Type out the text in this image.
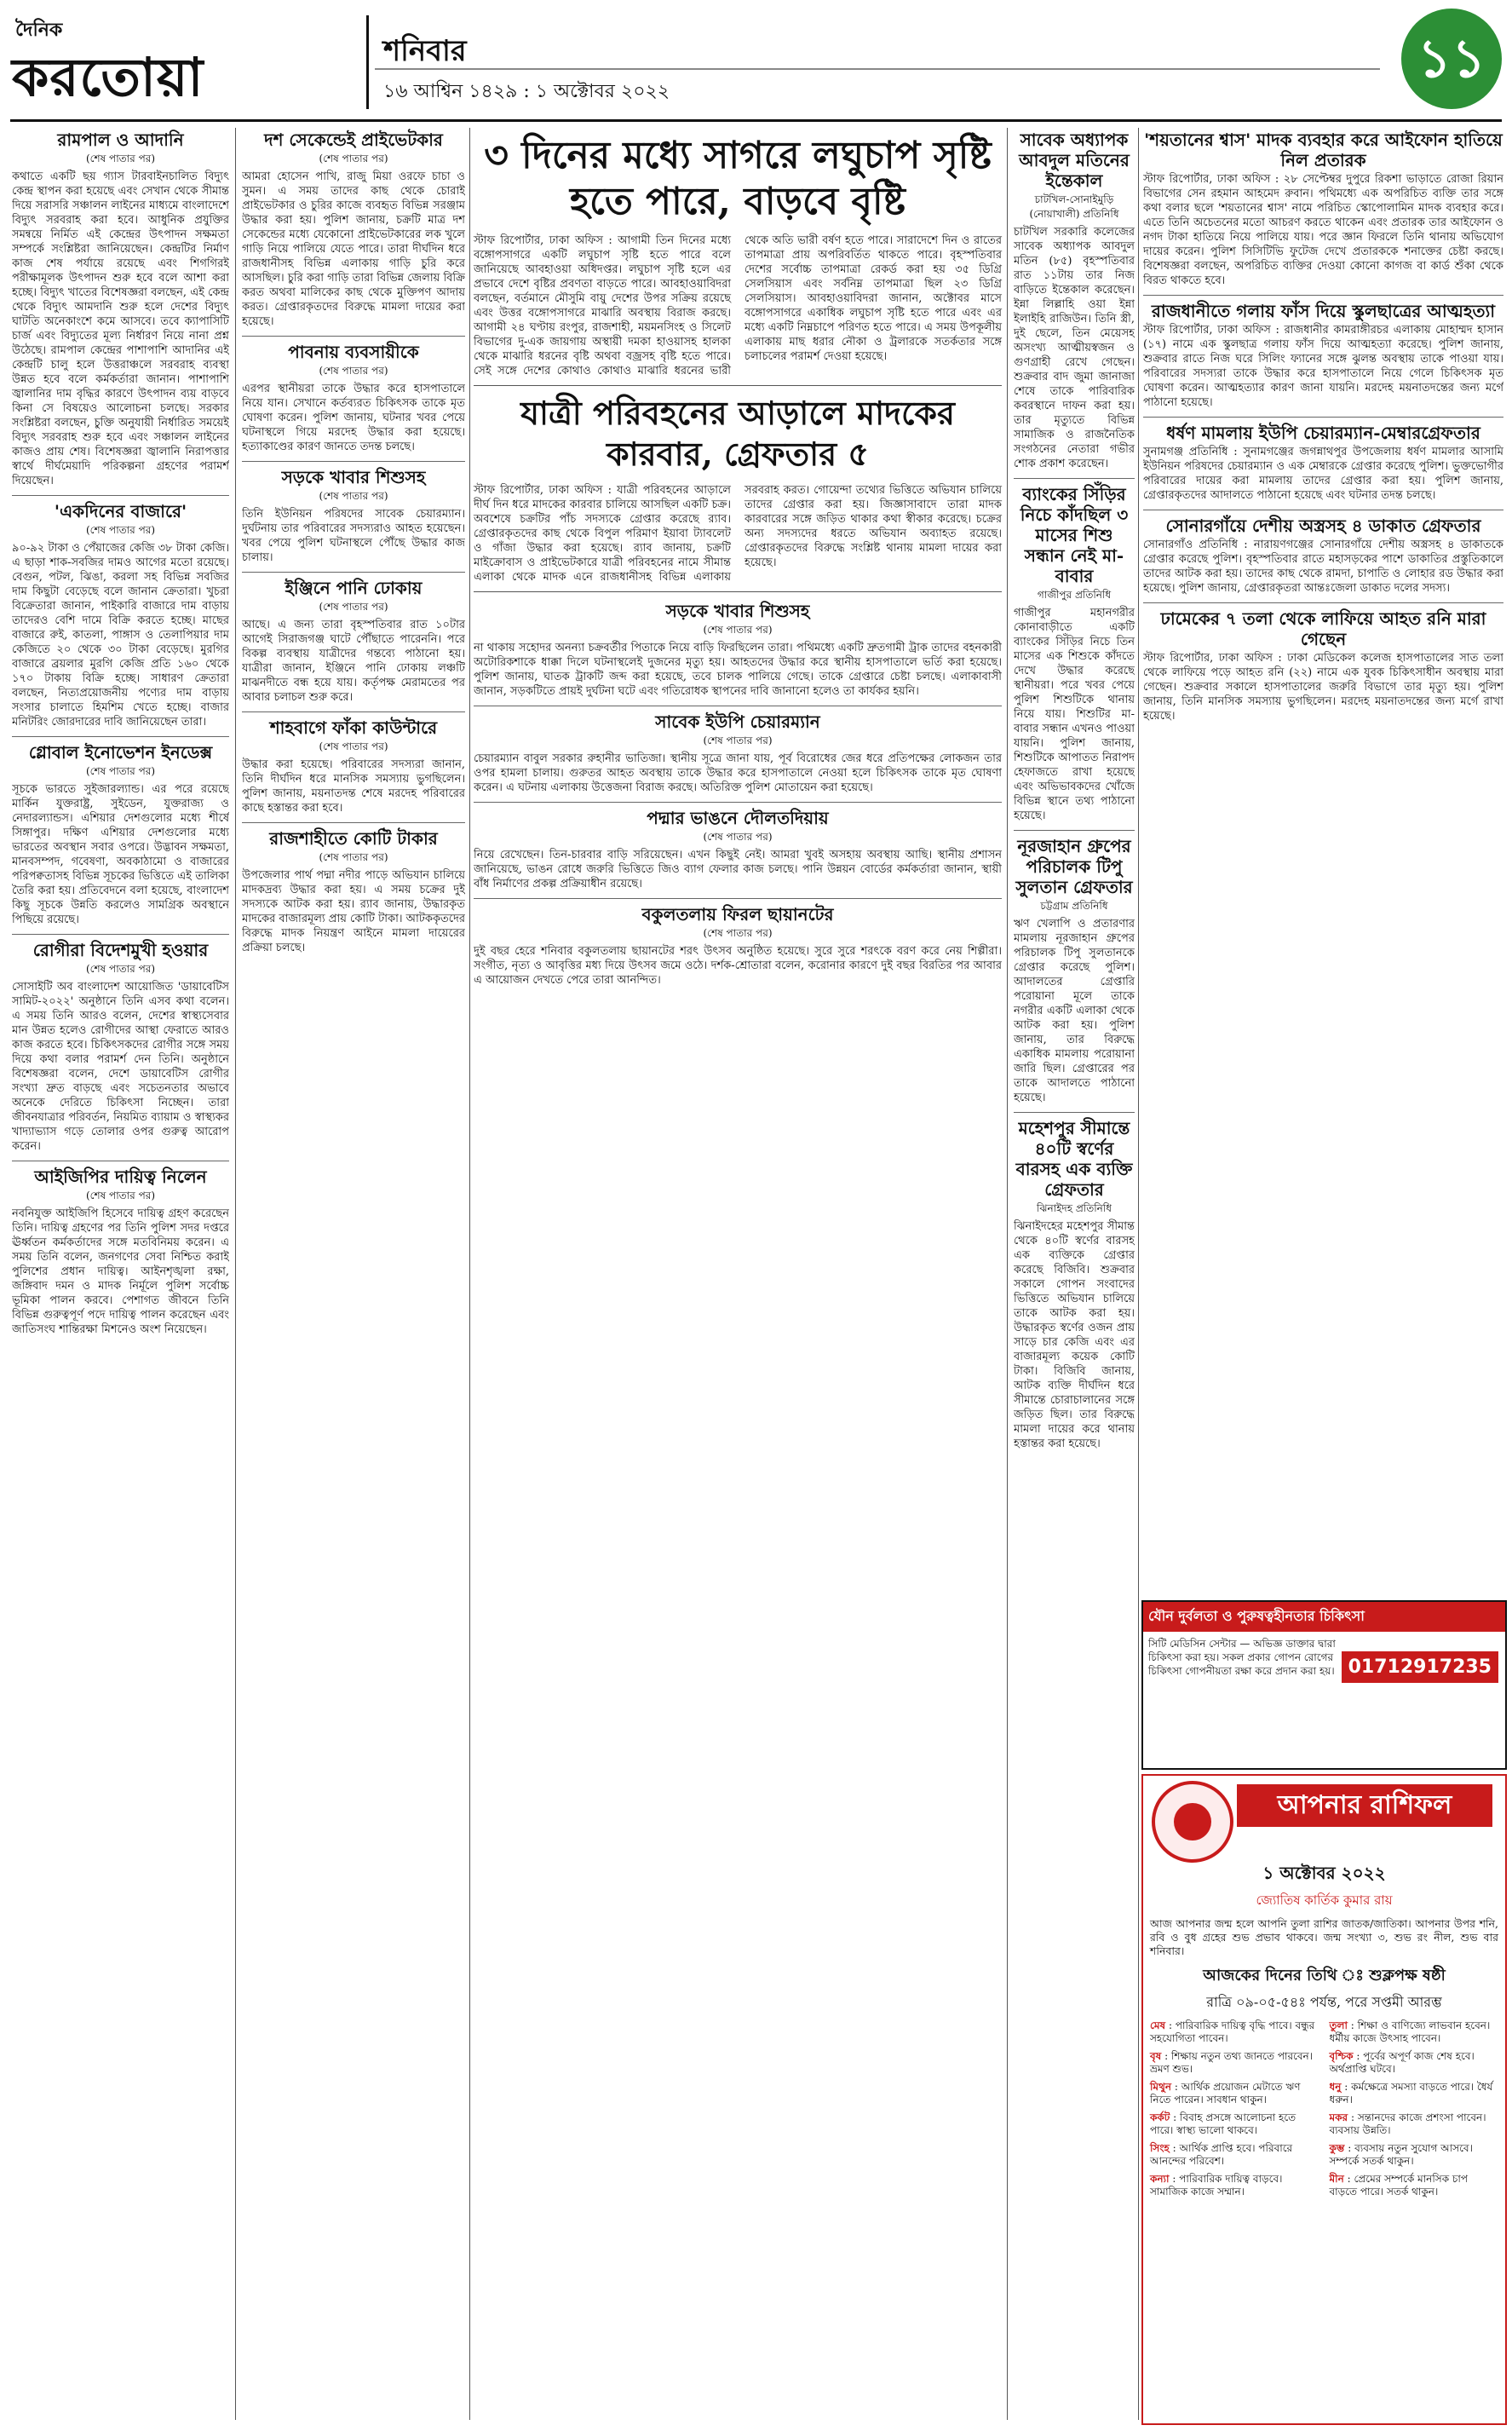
দৈনিক
করতোয়া	শনিবার
১৬ আশ্বিন ১৪২৯ : ১ অক্টোবর ২০২২
১১
রামপাল ও আদানি
(শেষ পাতার পর)

কথাতে একটি ছয় গ্যাস টারবাইনচালিত বিদ্যুৎ কেন্দ্র স্থাপন করা হয়েছে এবং সেখান থেকে সীমান্ত দিয়ে সরাসরি সঞ্চালন লাইনের মাধ্যমে বাংলাদেশে বিদ্যুৎ সরবরাহ করা হবে। আধুনিক প্রযুক্তির সমন্বয়ে নির্মিত এই কেন্দ্রের উৎপাদন সক্ষমতা সম্পর্কে সংশ্লিষ্টরা জানিয়েছেন। কেন্দ্রটির নির্মাণ কাজ শেষ পর্যায়ে রয়েছে এবং শিগগিরই পরীক্ষামূলক উৎপাদন শুরু হবে বলে আশা করা হচ্ছে। বিদ্যুৎ খাতের বিশেষজ্ঞরা বলছেন, এই কেন্দ্র থেকে বিদ্যুৎ আমদানি শুরু হলে দেশের বিদ্যুৎ ঘাটতি অনেকাংশে কমে আসবে। তবে ক্যাপাসিটি চার্জ এবং বিদ্যুতের মূল্য নির্ধারণ নিয়ে নানা প্রশ্ন উঠেছে। রামপাল কেন্দ্রের পাশাপাশি আদানির এই কেন্দ্রটি চালু হলে উত্তরাঞ্চলে সরবরাহ ব্যবস্থা উন্নত হবে বলে কর্মকর্তারা জানান। পাশাপাশি জ্বালানির দাম বৃদ্ধির কারণে উৎপাদন ব্যয় বাড়বে কিনা সে বিষয়েও আলোচনা চলছে। সরকার সংশ্লিষ্টরা বলছেন, চুক্তি অনুযায়ী নির্ধারিত সময়েই বিদ্যুৎ সরবরাহ শুরু হবে এবং সঞ্চালন লাইনের কাজও প্রায় শেষ। বিশেষজ্ঞরা জ্বালানি নিরাপত্তার স্বার্থে দীর্ঘমেয়াদি পরিকল্পনা গ্রহণের পরামর্শ দিয়েছেন।

'একদিনের বাজারে'
(শেষ পাতার পর)

৯০-৯২ টাকা ও পেঁয়াজের কেজি ৩৮ টাকা কেজি। এ ছাড়া শাক-সবজির দামও আগের মতো রয়েছে। বেগুন, পটল, ঝিঙা, করলা সহ বিভিন্ন সবজির দাম কিছুটা বেড়েছে বলে জানান ক্রেতারা। খুচরা বিক্রেতারা জানান, পাইকারি বাজারে দাম বাড়ায় তাদেরও বেশি দামে বিক্রি করতে হচ্ছে। মাছের বাজারে রুই, কাতলা, পাঙ্গাস ও তেলাপিয়ার দাম কেজিতে ২০ থেকে ৩০ টাকা বেড়েছে। মুরগির বাজারে ব্রয়লার মুরগি কেজি প্রতি ১৬০ থেকে ১৭০ টাকায় বিক্রি হচ্ছে। সাধারণ ক্রেতারা বলছেন, নিত্যপ্রয়োজনীয় পণ্যের দাম বাড়ায় সংসার চালাতে হিমশিম খেতে হচ্ছে। বাজার মনিটরিং জোরদারের দাবি জানিয়েছেন তারা।

গ্লোবাল ইনোভেশন ইনডেক্স
(শেষ পাতার পর)

সূচকে ভারতে সুইজারল্যান্ড। এর পরে রয়েছে মার্কিন যুক্তরাষ্ট্র, সুইডেন, যুক্তরাজ্য ও নেদারল্যান্ডস। এশিয়ার দেশগুলোর মধ্যে শীর্ষে সিঙ্গাপুর। দক্ষিণ এশিয়ার দেশগুলোর মধ্যে ভারতের অবস্থান সবার ওপরে। উদ্ভাবন সক্ষমতা, মানবসম্পদ, গবেষণা, অবকাঠামো ও বাজারের পরিপক্বতাসহ বিভিন্ন সূচকের ভিত্তিতে এই তালিকা তৈরি করা হয়। প্রতিবেদনে বলা হয়েছে, বাংলাদেশ কিছু সূচকে উন্নতি করলেও সামগ্রিক অবস্থানে পিছিয়ে রয়েছে।

রোগীরা বিদেশমুখী হওয়ার
(শেষ পাতার পর)

সোসাইটি অব বাংলাদেশ আয়োজিত 'ডায়াবেটিস সামিট-২০২২' অনুষ্ঠানে তিনি এসব কথা বলেন। এ সময় তিনি আরও বলেন, দেশের স্বাস্থ্যসেবার মান উন্নত হলেও রোগীদের আস্থা ফেরাতে আরও কাজ করতে হবে। চিকিৎসকদের রোগীর সঙ্গে সময় দিয়ে কথা বলার পরামর্শ দেন তিনি। অনুষ্ঠানে বিশেষজ্ঞরা বলেন, দেশে ডায়াবেটিস রোগীর সংখ্যা দ্রুত বাড়ছে এবং সচেতনতার অভাবে অনেকে দেরিতে চিকিৎসা নিচ্ছেন। তারা জীবনযাত্রার পরিবর্তন, নিয়মিত ব্যায়াম ও স্বাস্থ্যকর খাদ্যাভ্যাস গড়ে তোলার ওপর গুরুত্ব আরোপ করেন।

আইজিপির দায়িত্ব নিলেন
(শেষ পাতার পর)

নবনিযুক্ত আইজিপি হিসেবে দায়িত্ব গ্রহণ করেছেন তিনি। দায়িত্ব গ্রহণের পর তিনি পুলিশ সদর দপ্তরে ঊর্ধ্বতন কর্মকর্তাদের সঙ্গে মতবিনিময় করেন। এ সময় তিনি বলেন, জনগণের সেবা নিশ্চিত করাই পুলিশের প্রধান দায়িত্ব। আইনশৃঙ্খলা রক্ষা, জঙ্গিবাদ দমন ও মাদক নির্মূলে পুলিশ সর্বোচ্চ ভূমিকা পালন করবে। পেশাগত জীবনে তিনি বিভিন্ন গুরুত্বপূর্ণ পদে দায়িত্ব পালন করেছেন এবং জাতিসংঘ শান্তিরক্ষা মিশনেও অংশ নিয়েছেন।

দশ সেকেন্ডেই প্রাইভেটকার
(শেষ পাতার পর)

আমরা হোসেন পাখি, রাজু মিয়া ওরফে চাচা ও সুমন। এ সময় তাদের কাছ থেকে চোরাই প্রাইভেটকার ও চুরির কাজে ব্যবহৃত বিভিন্ন সরঞ্জাম উদ্ধার করা হয়। পুলিশ জানায়, চক্রটি মাত্র দশ সেকেন্ডের মধ্যে যেকোনো প্রাইভেটকারের লক খুলে গাড়ি নিয়ে পালিয়ে যেতে পারে। তারা দীর্ঘদিন ধরে রাজধানীসহ বিভিন্ন এলাকায় গাড়ি চুরি করে আসছিল। চুরি করা গাড়ি তারা বিভিন্ন জেলায় বিক্রি করত অথবা মালিকের কাছ থেকে মুক্তিপণ আদায় করত। গ্রেপ্তারকৃতদের বিরুদ্ধে মামলা দায়ের করা হয়েছে।

পাবনায় ব্যবসায়ীকে
(শেষ পাতার পর)

এরপর স্থানীয়রা তাকে উদ্ধার করে হাসপাতালে নিয়ে যান। সেখানে কর্তব্যরত চিকিৎসক তাকে মৃত ঘোষণা করেন। পুলিশ জানায়, ঘটনার খবর পেয়ে ঘটনাস্থলে গিয়ে মরদেহ উদ্ধার করা হয়েছে। হত্যাকাণ্ডের কারণ জানতে তদন্ত চলছে।

সড়কে খাবার শিশুসহ
(শেষ পাতার পর)

তিনি ইউনিয়ন পরিষদের সাবেক চেয়ারম্যান। দুর্ঘটনায় তার পরিবারের সদস্যরাও আহত হয়েছেন। খবর পেয়ে পুলিশ ঘটনাস্থলে পৌঁছে উদ্ধার কাজ চালায়।

ইঞ্জিনে পানি ঢোকায়
(শেষ পাতার পর)

আছে। এ জন্য তারা বৃহস্পতিবার রাত ১০টার আগেই সিরাজগঞ্জ ঘাটে পৌঁছাতে পারেননি। পরে বিকল্প ব্যবস্থায় যাত্রীদের গন্তব্যে পাঠানো হয়। যাত্রীরা জানান, ইঞ্জিনে পানি ঢোকায় লঞ্চটি মাঝনদীতে বন্ধ হয়ে যায়। কর্তৃপক্ষ মেরামতের পর আবার চলাচল শুরু করে।

শাহবাগে ফাঁকা কাউন্টারে
(শেষ পাতার পর)

উদ্ধার করা হয়েছে। পরিবারের সদস্যরা জানান, তিনি দীর্ঘদিন ধরে মানসিক সমস্যায় ভুগছিলেন। পুলিশ জানায়, ময়নাতদন্ত শেষে মরদেহ পরিবারের কাছে হস্তান্তর করা হবে।

রাজশাহীতে কোটি টাকার
(শেষ পাতার পর)

উপজেলার পার্থ পদ্মা নদীর পাড়ে অভিযান চালিয়ে মাদকদ্রব্য উদ্ধার করা হয়। এ সময় চক্রের দুই সদস্যকে আটক করা হয়। র‍্যাব জানায়, উদ্ধারকৃত মাদকের বাজারমূল্য প্রায় কোটি টাকা। আটককৃতদের বিরুদ্ধে মাদক নিয়ন্ত্রণ আইনে মামলা দায়েরের প্রক্রিয়া চলছে।

৩ দিনের মধ্যে সাগরে লঘুচাপ সৃষ্টি হতে পারে, বাড়বে বৃষ্টি
স্টাফ রিপোর্টার, ঢাকা অফিস : আগামী তিন দিনের মধ্যে বঙ্গোপসাগরে একটি লঘুচাপ সৃষ্টি হতে পারে বলে জানিয়েছে আবহাওয়া অধিদপ্তর। লঘুচাপ সৃষ্টি হলে এর প্রভাবে দেশে বৃষ্টির প্রবণতা বাড়তে পারে। আবহাওয়াবিদরা বলছেন, বর্তমানে মৌসুমি বায়ু দেশের উপর সক্রিয় রয়েছে এবং উত্তর বঙ্গোপসাগরে মাঝারি অবস্থায় বিরাজ করছে। আগামী ২৪ ঘণ্টায় রংপুর, রাজশাহী, ময়মনসিংহ ও সিলেট বিভাগের দু-এক জায়গায় অস্থায়ী দমকা হাওয়াসহ হালকা থেকে মাঝারি ধরনের বৃষ্টি অথবা বজ্রসহ বৃষ্টি হতে পারে। সেই সঙ্গে দেশের কোথাও কোথাও মাঝারি ধরনের ভারী থেকে অতি ভারী বর্ষণ হতে পারে। সারাদেশে দিন ও রাতের তাপমাত্রা প্রায় অপরিবর্তিত থাকতে পারে। বৃহস্পতিবার দেশের সর্বোচ্চ তাপমাত্রা রেকর্ড করা হয় ৩৫ ডিগ্রি সেলসিয়াস এবং সর্বনিম্ন তাপমাত্রা ছিল ২৩ ডিগ্রি সেলসিয়াস। আবহাওয়াবিদরা জানান, অক্টোবর মাসে বঙ্গোপসাগরে একাধিক লঘুচাপ সৃষ্টি হতে পারে এবং এর মধ্যে একটি নিম্নচাপে পরিণত হতে পারে। এ সময় উপকূলীয় এলাকায় মাছ ধরার নৌকা ও ট্রলারকে সতর্কতার সঙ্গে চলাচলের পরামর্শ দেওয়া হয়েছে।
যাত্রী পরিবহনের আড়ালে মাদকের কারবার, গ্রেফতার ৫
স্টাফ রিপোর্টার, ঢাকা অফিস : যাত্রী পরিবহনের আড়ালে দীর্ঘ দিন ধরে মাদকের কারবার চালিয়ে আসছিল একটি চক্র। অবশেষে চক্রটির পাঁচ সদস্যকে গ্রেপ্তার করেছে র‍্যাব। গ্রেপ্তারকৃতদের কাছ থেকে বিপুল পরিমাণ ইয়াবা ট্যাবলেট ও গাঁজা উদ্ধার করা হয়েছে। র‍্যাব জানায়, চক্রটি মাইক্রোবাস ও প্রাইভেটকারে যাত্রী পরিবহনের নামে সীমান্ত এলাকা থেকে মাদক এনে রাজধানীসহ বিভিন্ন এলাকায় সরবরাহ করত। গোয়েন্দা তথ্যের ভিত্তিতে অভিযান চালিয়ে তাদের গ্রেপ্তার করা হয়। জিজ্ঞাসাবাদে তারা মাদক কারবারের সঙ্গে জড়িত থাকার কথা স্বীকার করেছে। চক্রের অন্য সদস্যদের ধরতে অভিযান অব্যাহত রয়েছে। গ্রেপ্তারকৃতদের বিরুদ্ধে সংশ্লিষ্ট থানায় মামলা দায়ের করা হয়েছে।
সড়কে খাবার শিশুসহ
(শেষ পাতার পর)

না থাকায় সহোদর অনন্যা চক্রবর্তীর পিতাকে নিয়ে বাড়ি ফিরছিলেন তারা। পথিমধ্যে একটি দ্রুতগামী ট্রাক তাদের বহনকারী অটোরিকশাকে ধাক্কা দিলে ঘটনাস্থলেই দুজনের মৃত্যু হয়। আহতদের উদ্ধার করে স্থানীয় হাসপাতালে ভর্তি করা হয়েছে। পুলিশ জানায়, ঘাতক ট্রাকটি জব্দ করা হয়েছে, তবে চালক পালিয়ে গেছে। তাকে গ্রেপ্তারে চেষ্টা চলছে। এলাকাবাসী জানান, সড়কটিতে প্রায়ই দুর্ঘটনা ঘটে এবং গতিরোধক স্থাপনের দাবি জানানো হলেও তা কার্যকর হয়নি।

সাবেক ইউপি চেয়ারম্যান
(শেষ পাতার পর)

চেয়ারম্যান বাবুল সরকার রুহানীর ভাতিজা। স্থানীয় সূত্রে জানা যায়, পূর্ব বিরোধের জের ধরে প্রতিপক্ষের লোকজন তার ওপর হামলা চালায়। গুরুতর আহত অবস্থায় তাকে উদ্ধার করে হাসপাতালে নেওয়া হলে চিকিৎসক তাকে মৃত ঘোষণা করেন। এ ঘটনায় এলাকায় উত্তেজনা বিরাজ করছে। অতিরিক্ত পুলিশ মোতায়েন করা হয়েছে।

পদ্মার ভাঙনে দৌলতদিয়ায়
(শেষ পাতার পর)

নিয়ে রেখেছেন। তিন-চারবার বাড়ি সরিয়েছেন। এখন কিছুই নেই। আমরা খুবই অসহায় অবস্থায় আছি। স্থানীয় প্রশাসন জানিয়েছে, ভাঙন রোধে জরুরি ভিত্তিতে জিও ব্যাগ ফেলার কাজ চলছে। পানি উন্নয়ন বোর্ডের কর্মকর্তারা জানান, স্থায়ী বাঁধ নির্মাণের প্রকল্প প্রক্রিয়াধীন রয়েছে।

বকুলতলায় ফিরল ছায়ানটের
(শেষ পাতার পর)

দুই বছর হেরে শনিবার বকুলতলায় ছায়ানটের শরৎ উৎসব অনুষ্ঠিত হয়েছে। সুরে সুরে শরৎকে বরণ করে নেয় শিল্পীরা। সংগীত, নৃত্য ও আবৃত্তির মধ্য দিয়ে উৎসব জমে ওঠে। দর্শক-শ্রোতারা বলেন, করোনার কারণে দুই বছর বিরতির পর আবার এ আয়োজন দেখতে পেরে তারা আনন্দিত।

সাবেক অধ্যাপক আবদুল মতিনের ইন্তেকাল
চাটখিল-সোনাইমুড়ি (নোয়াখালী) প্রতিনিধি

চাটখিল সরকারি কলেজের সাবেক অধ্যাপক আবদুল মতিন (৮৫) বৃহস্পতিবার রাত ১১টায় তার নিজ বাড়িতে ইন্তেকাল করেছেন। ইন্না লিল্লাহি ওয়া ইন্না ইলাইহি রাজিউন। তিনি স্ত্রী, দুই ছেলে, তিন মেয়েসহ অসংখ্য আত্মীয়স্বজন ও গুণগ্রাহী রেখে গেছেন। শুক্রবার বাদ জুমা জানাজা শেষে তাকে পারিবারিক কবরস্থানে দাফন করা হয়। তার মৃত্যুতে বিভিন্ন সামাজিক ও রাজনৈতিক সংগঠনের নেতারা গভীর শোক প্রকাশ করেছেন।

ব্যাংকের সিঁড়ির নিচে কাঁদছিল ৩ মাসের শিশু সন্ধান নেই মা-বাবার
গাজীপুর প্রতিনিধি

গাজীপুর মহানগরীর কোনাবাড়ীতে একটি ব্যাংকের সিঁড়ির নিচে তিন মাসের এক শিশুকে কাঁদতে দেখে উদ্ধার করেছে স্থানীয়রা। পরে খবর পেয়ে পুলিশ শিশুটিকে থানায় নিয়ে যায়। শিশুটির মা-বাবার সন্ধান এখনও পাওয়া যায়নি। পুলিশ জানায়, শিশুটিকে আপাতত নিরাপদ হেফাজতে রাখা হয়েছে এবং অভিভাবকদের খোঁজে বিভিন্ন স্থানে তথ্য পাঠানো হয়েছে।

নূরজাহান গ্রুপের পরিচালক টিপু সুলতান গ্রেফতার
চট্টগ্রাম প্রতিনিধি

ঋণ খেলাপি ও প্রতারণার মামলায় নূরজাহান গ্রুপের পরিচালক টিপু সুলতানকে গ্রেপ্তার করেছে পুলিশ। আদালতের গ্রেপ্তারি পরোয়ানা মূলে তাকে নগরীর একটি এলাকা থেকে আটক করা হয়। পুলিশ জানায়, তার বিরুদ্ধে একাধিক মামলায় পরোয়ানা জারি ছিল। গ্রেপ্তারের পর তাকে আদালতে পাঠানো হয়েছে।

মহেশপুর সীমান্তে ৪০টি স্বর্ণের বারসহ এক ব্যক্তি গ্রেফতার
ঝিনাইদহ প্রতিনিধি

ঝিনাইদহের মহেশপুর সীমান্ত থেকে ৪০টি স্বর্ণের বারসহ এক ব্যক্তিকে গ্রেপ্তার করেছে বিজিবি। শুক্রবার সকালে গোপন সংবাদের ভিত্তিতে অভিযান চালিয়ে তাকে আটক করা হয়। উদ্ধারকৃত স্বর্ণের ওজন প্রায় সাড়ে চার কেজি এবং এর বাজারমূল্য কয়েক কোটি টাকা। বিজিবি জানায়, আটক ব্যক্তি দীর্ঘদিন ধরে সীমান্তে চোরাচালানের সঙ্গে জড়িত ছিল। তার বিরুদ্ধে মামলা দায়ের করে থানায় হস্তান্তর করা হয়েছে।

'শয়তানের শ্বাস' মাদক ব্যবহার করে আইফোন হাতিয়ে নিল প্রতারক

স্টাফ রিপোর্টার, ঢাকা অফিস : ২৮ সেপ্টেম্বর দুপুরে রিকশা ভাড়াতে রোজা রিয়ান বিভাগের সেন রহমান আহমেদ রুবান। পথিমধ্যে এক অপরিচিত ব্যক্তি তার সঙ্গে কথা বলার ছলে 'শয়তানের শ্বাস' নামে পরিচিত স্কোপোলামিন মাদক ব্যবহার করে। এতে তিনি অচেতনের মতো আচরণ করতে থাকেন এবং প্রতারক তার আইফোন ও নগদ টাকা হাতিয়ে নিয়ে পালিয়ে যায়। পরে জ্ঞান ফিরলে তিনি থানায় অভিযোগ দায়ের করেন। পুলিশ সিসিটিভি ফুটেজ দেখে প্রতারককে শনাক্তের চেষ্টা করছে। বিশেষজ্ঞরা বলছেন, অপরিচিত ব্যক্তির দেওয়া কোনো কাগজ বা কার্ড শুঁকা থেকে বিরত থাকতে হবে।

রাজধানীতে গলায় ফাঁস দিয়ে স্কুলছাত্রের আত্মহত্যা

স্টাফ রিপোর্টার, ঢাকা অফিস : রাজধানীর কামরাঙ্গীরচর এলাকায় মোহাম্মদ হাসান (১৭) নামে এক স্কুলছাত্র গলায় ফাঁস দিয়ে আত্মহত্যা করেছে। পুলিশ জানায়, শুক্রবার রাতে নিজ ঘরে সিলিং ফ্যানের সঙ্গে ঝুলন্ত অবস্থায় তাকে পাওয়া যায়। পরিবারের সদস্যরা তাকে উদ্ধার করে হাসপাতালে নিয়ে গেলে চিকিৎসক মৃত ঘোষণা করেন। আত্মহত্যার কারণ জানা যায়নি। মরদেহ ময়নাতদন্তের জন্য মর্গে পাঠানো হয়েছে।

ধর্ষণ মামলায় ইউপি চেয়ারম্যান-মেম্বারগ্রেফতার

সুনামগঞ্জ প্রতিনিধি : সুনামগঞ্জের জগন্নাথপুর উপজেলায় ধর্ষণ মামলার আসামি ইউনিয়ন পরিষদের চেয়ারম্যান ও এক মেম্বারকে গ্রেপ্তার করেছে পুলিশ। ভুক্তভোগীর পরিবারের দায়ের করা মামলায় তাদের গ্রেপ্তার করা হয়। পুলিশ জানায়, গ্রেপ্তারকৃতদের আদালতে পাঠানো হয়েছে এবং ঘটনার তদন্ত চলছে।

সোনারগাঁয়ে দেশীয় অস্ত্রসহ ৪ ডাকাত গ্রেফতার

সোনারগাঁও প্রতিনিধি : নারায়ণগঞ্জের সোনারগাঁয়ে দেশীয় অস্ত্রসহ ৪ ডাকাতকে গ্রেপ্তার করেছে পুলিশ। বৃহস্পতিবার রাতে মহাসড়কের পাশে ডাকাতির প্রস্তুতিকালে তাদের আটক করা হয়। তাদের কাছ থেকে রামদা, চাপাতি ও লোহার রড উদ্ধার করা হয়েছে। পুলিশ জানায়, গ্রেপ্তারকৃতরা আন্তঃজেলা ডাকাত দলের সদস্য।

ঢামেকের ৭ তলা থেকে লাফিয়ে আহত রনি মারা গেছেন

স্টাফ রিপোর্টার, ঢাকা অফিস : ঢাকা মেডিকেল কলেজ হাসপাতালের সাত তলা থেকে লাফিয়ে পড়ে আহত রনি (২২) নামে এক যুবক চিকিৎসাধীন অবস্থায় মারা গেছেন। শুক্রবার সকালে হাসপাতালের জরুরি বিভাগে তার মৃত্যু হয়। পুলিশ জানায়, তিনি মানসিক সমস্যায় ভুগছিলেন। মরদেহ ময়নাতদন্তের জন্য মর্গে রাখা হয়েছে।

যৌন দুর্বলতা ও পুরুষত্বহীনতার চিকিৎসা
সিটি মেডিসিন সেন্টার — অভিজ্ঞ ডাক্তার দ্বারা চিকিৎসা করা হয়। সকল প্রকার গোপন রোগের চিকিৎসা গোপনীয়তা রক্ষা করে প্রদান করা হয়। 01712917235
আপনার রাশিফল
১ অক্টোবর ২০২২
জ্যোতিষ কার্তিক কুমার রায়
আজ আপনার জন্ম হলে আপনি তুলা রাশির জাতক/জাতিকা। আপনার উপর শনি, রবি ও বুধ গ্রহের শুভ প্রভাব থাকবে। জন্ম সংখ্যা ৩, শুভ রং নীল, শুভ বার শনিবার।
আজকের দিনের তিথি ঃ শুক্লপক্ষ ষষ্ঠী
রাত্রি ০৯-০৫-৫৪ঃ পর্যন্ত, পরে সপ্তমী আরম্ভ
মেষ : পারিবারিক দায়িত্ব বৃদ্ধি পাবে। বন্ধুর সহযোগিতা পাবেন।
তুলা : শিক্ষা ও বাণিজ্যে লাভবান হবেন। ধর্মীয় কাজে উৎসাহ পাবেন।
বৃষ : শিক্ষায় নতুন তথ্য জানতে পারবেন। ভ্রমণ শুভ।
বৃশ্চিক : পূর্বের অপূর্ণ কাজ শেষ হবে। অর্থপ্রাপ্তি ঘটবে।
মিথুন : আর্থিক প্রয়োজন মেটাতে ঋণ নিতে পারেন। সাবধান থাকুন।
ধনু : কর্মক্ষেত্রে সমস্যা বাড়তে পারে। ধৈর্য ধরুন।
কর্কট : বিবাহ প্রসঙ্গে আলোচনা হতে পারে। স্বাস্থ্য ভালো থাকবে।
মকর : সন্তানদের কাজে প্রশংসা পাবেন। ব্যবসায় উন্নতি।
সিংহ : আর্থিক প্রাপ্তি হবে। পরিবারে আনন্দের পরিবেশ।
কুম্ভ : ব্যবসায় নতুন সুযোগ আসবে। সম্পর্কে সতর্ক থাকুন।
কন্যা : পারিবারিক দায়িত্ব বাড়বে। সামাজিক কাজে সম্মান।
মীন : প্রেমের সম্পর্কে মানসিক চাপ বাড়তে পারে। সতর্ক থাকুন।
